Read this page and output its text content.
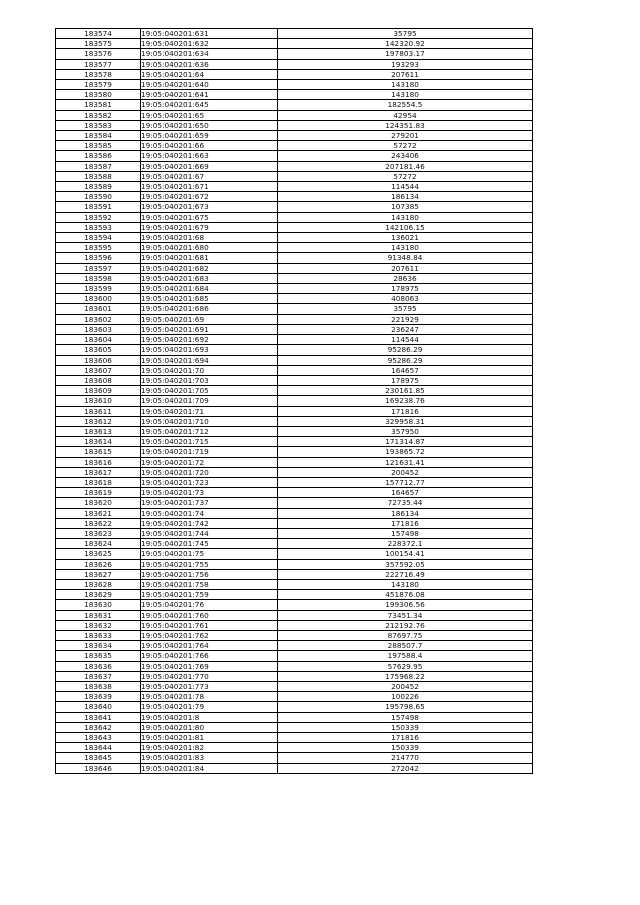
183574	19:05:040201:631	35795
183575	19:05:040201:632	142320.92
183576	19:05:040201:634	197803.17
183577	19:05:040201:636	193293
183578	19:05:040201:64	207611
183579	19:05:040201:640	143180
183580	19:05:040201:641	143180
183581	19:05:040201:645	182554.5
183582	19:05:040201:65	42954
183583	19:05:040201:650	124351.83
183584	19:05:040201:659	279201
183585	19:05:040201:66	57272
183586	19:05:040201:663	243406
183587	19:05:040201:669	207181.46
183588	19:05:040201:67	57272
183589	19:05:040201:671	114544
183590	19:05:040201:672	186134
183591	19:05:040201:673	107385
183592	19:05:040201:675	143180
183593	19:05:040201:679	142106.15
183594	19:05:040201:68	136021
183595	19:05:040201:680	143180
183596	19:05:040201:681	91348.84
183597	19:05:040201:682	207611
183598	19:05:040201:683	28636
183599	19:05:040201:684	178975
183600	19:05:040201:685	408063
183601	19:05:040201:686	35795
183602	19:05:040201:69	221929
183603	19:05:040201:691	236247
183604	19:05:040201:692	114544
183605	19:05:040201:693	95286.29
183606	19:05:040201:694	95286.29
183607	19:05:040201:70	164657
183608	19:05:040201:703	178975
183609	19:05:040201:705	230161.85
183610	19:05:040201:709	169238.76
183611	19:05:040201:71	171816
183612	19:05:040201:710	329958.31
183613	19:05:040201:712	357950
183614	19:05:040201:715	171314.87
183615	19:05:040201:719	193865.72
183616	19:05:040201:72	121631.41
183617	19:05:040201:720	200452
183618	19:05:040201:723	157712.77
183619	19:05:040201:73	164657
183620	19:05:040201:737	72735.44
183621	19:05:040201:74	186134
183622	19:05:040201:742	171816
183623	19:05:040201:744	157498
183624	19:05:040201:745	228372.1
183625	19:05:040201:75	100154.41
183626	19:05:040201:755	357592.05
183627	19:05:040201:756	222716.49
183628	19:05:040201:758	143180
183629	19:05:040201:759	451876.08
183630	19:05:040201:76	199306.56
183631	19:05:040201:760	73451.34
183632	19:05:040201:761	212192.76
183633	19:05:040201:762	87697.75
183634	19:05:040201:764	288507.7
183635	19:05:040201:766	197588.4
183636	19:05:040201:769	57629.95
183637	19:05:040201:770	175968.22
183638	19:05:040201:773	200452
183639	19:05:040201:78	100226
183640	19:05:040201:79	195798.65
183641	19:05:040201:8	157498
183642	19:05:040201:80	150339
183643	19:05:040201:81	171816
183644	19:05:040201:82	150339
183645	19:05:040201:83	214770
183646	19:05:040201:84	272042
